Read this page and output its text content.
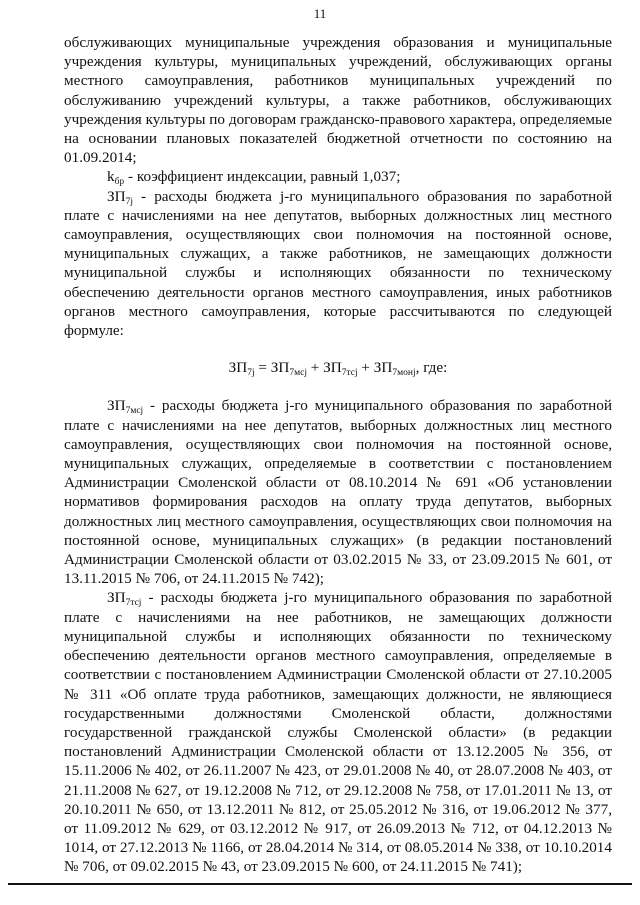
11

обслуживающих муниципальные учреждения образования и муниципальные учреждения культуры, муниципальных учреждений, обслуживающих органы местного самоуправления, работников муниципальных учреждений по обслуживанию учреждений культуры, а также работников, обслуживающих учреждения культуры по договорам гражданско-правового характера, определяемые на основании плановых показателей бюджетной отчетности по состоянию на 01.09.2014;

$k_{бр}$ - коэффициент индексации, равный 1,037;

$ЗП_{7j}$ - расходы бюджета j-го муниципального образования по заработной плате с начислениями на нее депутатов, выборных должностных лиц местного самоуправления, осуществляющих свои полномочия на постоянной основе, муниципальных служащих, а также работников, не замещающих должности муниципальной службы и исполняющих обязанности по техническому обеспечению деятельности органов местного самоуправления, иных работников органов местного самоуправления, которые рассчитываются по следующей формуле:

$ЗП_{7j} = ЗП_{7мсj} + ЗП_{7тсj} + ЗП_{7монj}$, где:

$ЗП_{7мсj}$ - расходы бюджета j-го муниципального образования по заработной плате с начислениями на нее депутатов, выборных должностных лиц местного самоуправления, осуществляющих свои полномочия на постоянной основе, муниципальных служащих, определяемые в соответствии с постановлением Администрации Смоленской области от 08.10.2014 № 691 «Об установлении нормативов формирования расходов на оплату труда депутатов, выборных должностных лиц местного самоуправления, осуществляющих свои полномочия на постоянной основе, муниципальных служащих» (в редакции постановлений Администрации Смоленской области от 03.02.2015 № 33, от 23.09.2015 № 601, от 13.11.2015 № 706, от 24.11.2015 № 742);

$ЗП_{7тсj}$ - расходы бюджета j-го муниципального образования по заработной плате с начислениями на нее работников, не замещающих должности муниципальной службы и исполняющих обязанности по техническому обеспечению деятельности органов местного самоуправления, определяемые в соответствии с постановлением Администрации Смоленской области от 27.10.2005 № 311 «Об оплате труда работников, замещающих должности, не являющиеся государственными должностями Смоленской области, должностями государственной гражданской службы Смоленской области» (в редакции постановлений Администрации Смоленской области от 13.12.2005 № 356, от 15.11.2006 № 402, от 26.11.2007 № 423, от 29.01.2008 № 40, от 28.07.2008 № 403, от 21.11.2008 № 627, от 19.12.2008 № 712, от 29.12.2008 № 758, от 17.01.2011 № 13, от 20.10.2011 № 650, от 13.12.2011 № 812, от 25.05.2012 № 316, от 19.06.2012 № 377, от 11.09.2012 № 629, от 03.12.2012 № 917, от 26.09.2013 № 712, от 04.12.2013 № 1014, от 27.12.2013 № 1166, от 28.04.2014 № 314, от 08.05.2014 № 338, от 10.10.2014 № 706, от 09.02.2015 № 43, от 23.09.2015 № 600, от 24.11.2015 № 741);
